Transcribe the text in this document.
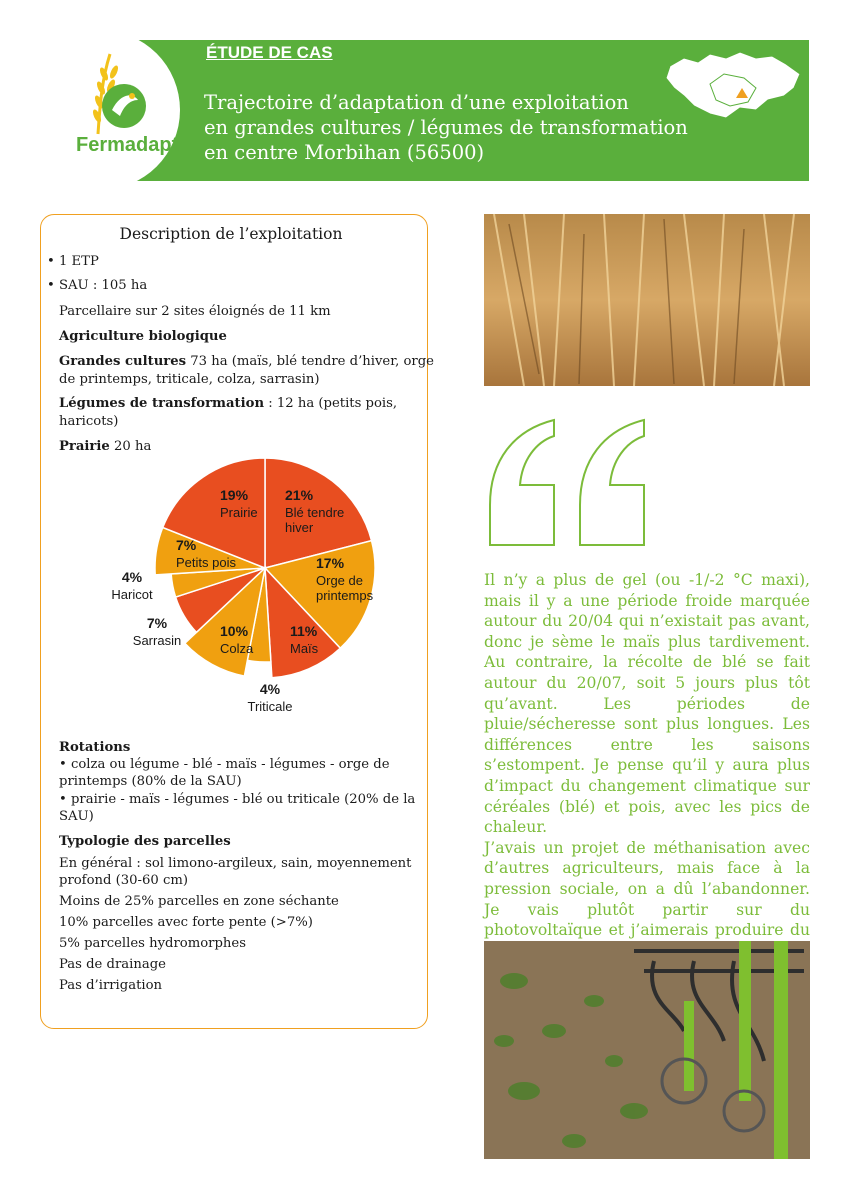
Fermadapt
ÉTUDE DE CAS
Trajectoire d’adaptation d’une exploitation
en grandes cultures / légumes de transformation
en centre Morbihan (56500)
Description de l’exploitation
• 1 ETP
• SAU : 105 ha
Parcellaire sur 2 sites éloignés de 11 km
Agriculture biologique
Grandes cultures 73 ha (maïs, blé tendre d’hiver, orge
de printemps, triticale, colza, sarrasin)
Légumes de transformation : 12 ha (petits pois,
haricots)
Prairie 20 ha
Rotations
• colza ou légume - blé - maïs - légumes - orge de
printemps (80% de la SAU)
• prairie - maïs - légumes - blé ou triticale (20% de la
SAU)
Typologie des parcelles
En général : sol limono-argileux, sain, moyennement
profond (30-60 cm)
Moins de 25% parcelles en zone séchante
10% parcelles avec forte pente (>7%)
5% parcelles hydromorphes
Pas de drainage
Pas d’irrigation
21%
Blé tendre
hiver
17%
Orge de
printemps
11%
Maïs
4%
Triticale
10%
Colza
7%
Sarrasin
4%
Haricot
7%
Petits pois
19%
Prairie

Il n’y a plus de gel (ou -1/-2 °C maxi), mais il y a une période froide marquée autour du 20/04 qui n’existait pas avant, donc je sème le maïs plus tardivement. Au contraire, la récolte de blé se fait autour du 20/07, soit 5 jours plus tôt qu’avant. Les périodes de pluie/sécheresse sont plus longues. Les différences entre les saisons s’estompent. Je pense qu’il y aura plus d’impact du changement climatique sur céréales (blé) et pois, avec les pics de chaleur.

J’avais un projet de méthanisation avec d’autres agriculteurs, mais face à la pression sociale, on a dû l’abandonner. Je vais plutôt partir sur du photovoltaïque et j’aimerais produire du
